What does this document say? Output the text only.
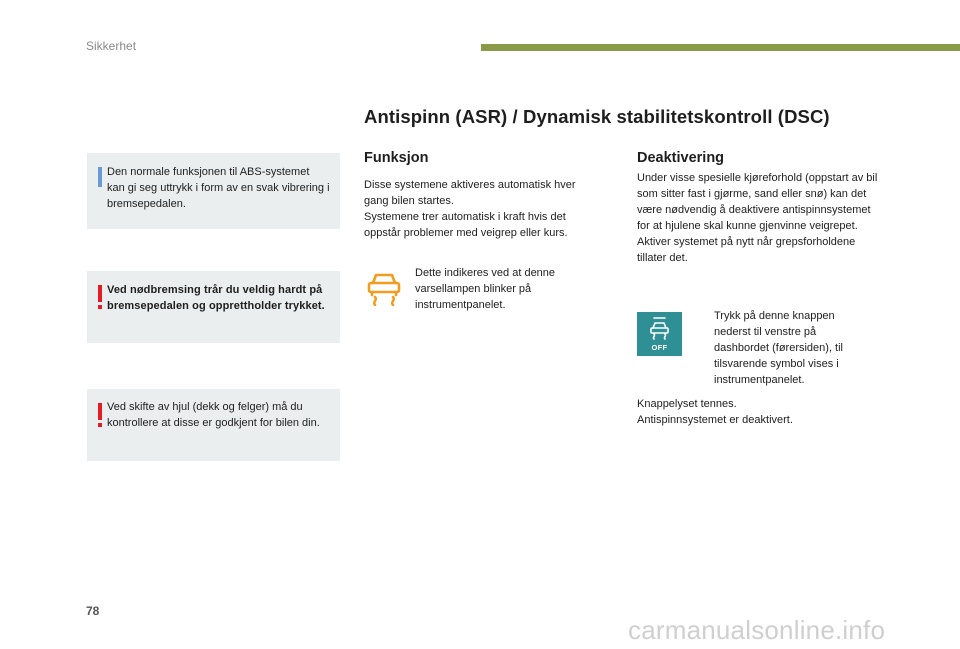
Sikkerhet

Den normale funksjonen til ABS-systemet kan gi seg uttrykk i form av en svak vibrering i bremsepedalen.

Ved nødbremsing trår du veldig hardt på bremsepedalen og opprettholder trykket.

Ved skifte av hjul (dekk og felger) må du kontrollere at disse er godkjent for bilen din.

Antispinn (ASR) / Dynamisk stabilitetskontroll (DSC)
Funksjon
Disse systemene aktiveres automatisk hver gang bilen startes.
Systemene trer automatisk i kraft hvis det oppstår problemer med veigrep eller kurs.
Dette indikeres ved at denne varsellampen blinker på instrumentpanelet.
Deaktivering
Under visse spesielle kjøreforhold (oppstart av bil som sitter fast i gjørme, sand eller snø) kan det være nødvendig å deaktivere antispinnsystemet for at hjulene skal kunne gjenvinne veigrepet.
Aktiver systemet på nytt når grepsforholdene tillater det.
OFF
Trykk på denne knappen nederst til venstre på dashbordet (førersiden), til tilsvarende symbol vises i instrumentpanelet.
Knappelyset tennes.
Antispinnsystemet er deaktivert.
78
carmanualsonline.info
